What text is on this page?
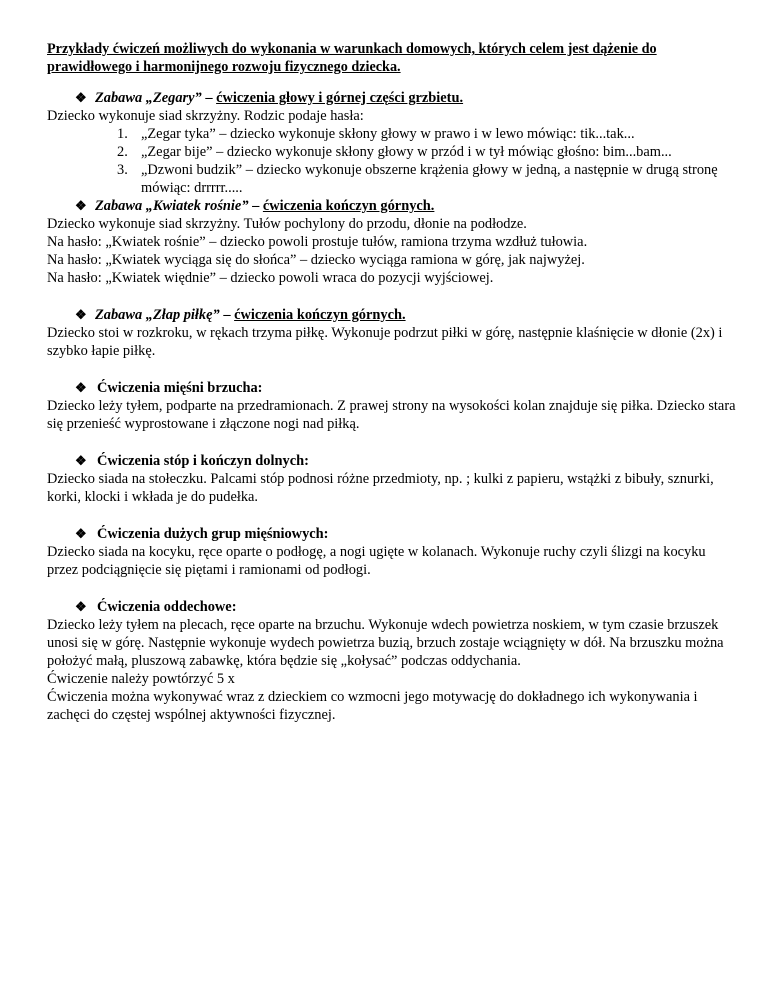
Przykłady ćwiczeń możliwych do wykonania w warunkach domowych, których celem jest dążenie do prawidłowego i harmonijnego rozwoju fizycznego dziecka.
❖ Zabawa „Zegary” – ćwiczenia głowy i górnej części grzbietu.

Dziecko wykonuje siad skrzyżny. Rodzic podaje hasła:

1. „Zegar tyka” – dziecko wykonuje skłony głowy w prawo i w lewo mówiąc: tik...tak...
2. „Zegar bije” – dziecko wykonuje skłony głowy w przód i w tył mówiąc głośno: bim...bam...
3. „Dzwoni budzik” – dziecko wykonuje obszerne krążenia głowy w jedną, a następnie w drugą stronę mówiąc: drrrrr.....
❖ Zabawa „Kwiatek rośnie” – ćwiczenia kończyn górnych.

Dziecko wykonuje siad skrzyżny. Tułów pochylony do przodu, dłonie na podłodze.

Na hasło: „Kwiatek rośnie” – dziecko powoli prostuje tułów, ramiona trzyma wzdłuż tułowia.

Na hasło: „Kwiatek wyciąga się do słońca” – dziecko wyciąga ramiona w górę, jak najwyżej.

Na hasło: „Kwiatek więdnie” – dziecko powoli wraca do pozycji wyjściowej.

❖ Zabawa „Złap piłkę” – ćwiczenia kończyn górnych.

Dziecko stoi w rozkroku, w rękach trzyma piłkę. Wykonuje podrzut piłki w górę, następnie klaśnięcie w dłonie (2x) i szybko łapie piłkę.

❖ Ćwiczenia mięśni brzucha:

Dziecko leży tyłem, podparte na przedramionach. Z prawej strony na wysokości kolan znajduje się piłka. Dziecko stara się przenieść wyprostowane i złączone nogi nad piłką.

❖ Ćwiczenia stóp i kończyn dolnych:

Dziecko siada na stołeczku. Palcami stóp podnosi różne przedmioty, np. ; kulki z papieru, wstążki z bibuły, sznurki, korki, klocki i wkłada je do pudełka.

❖ Ćwiczenia dużych grup mięśniowych:

Dziecko siada na kocyku, ręce oparte o podłogę, a nogi ugięte w kolanach. Wykonuje ruchy czyli ślizgi na kocyku przez podciągnięcie się piętami i ramionami od podłogi.

❖ Ćwiczenia oddechowe:

Dziecko leży tyłem na plecach, ręce oparte na brzuchu. Wykonuje wdech powietrza noskiem, w tym czasie brzuszek unosi się w górę. Następnie wykonuje wydech powietrza buzią, brzuch zostaje wciągnięty w dół. Na brzuszku można położyć małą, pluszową zabawkę, która będzie się „kołysać” podczas oddychania.

Ćwiczenie należy powtórzyć 5 x

Ćwiczenia można wykonywać wraz z dzieckiem co wzmocni jego motywację do dokładnego ich wykonywania i zachęci do częstej wspólnej aktywności fizycznej.
